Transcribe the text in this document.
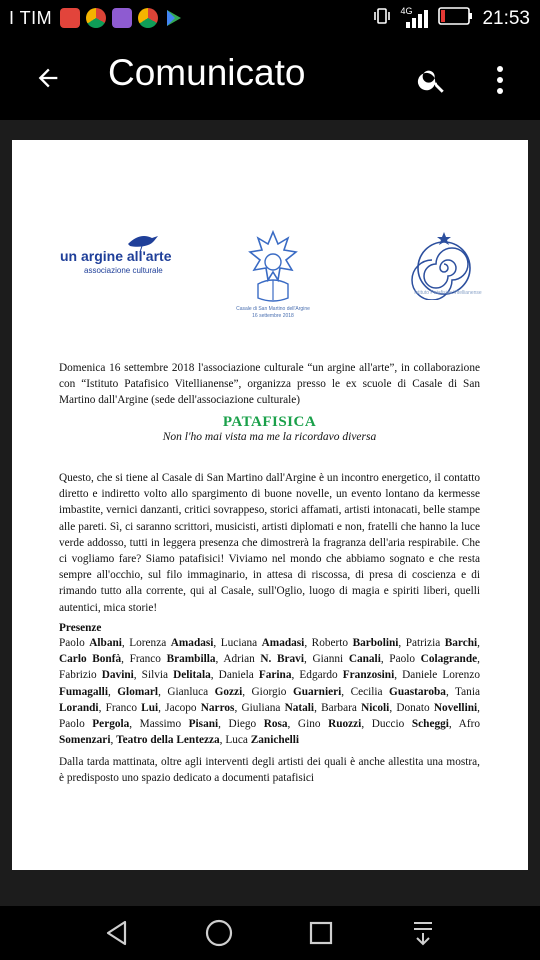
I TIM	4G	21:53
Comunicato
un argine all'arte
associazione culturale
Casale di San Martino dell'Argine
16 settembre 2018
Istituto Patafisico Vitellianense

Domenica 16 settembre 2018 l'associazione culturale “un argine all'arte”, in collaborazione con “Istituto Patafisico Vitellianense”, organizza presso le ex scuole di Casale di San Martino dall'Argine (sede dell'associazione culturale)

PATAFISICA
Non l'ho mai vista ma me la ricordavo diversa

Questo, che si tiene al Casale di San Martino dall'Argine è un incontro energetico, il contatto diretto e indiretto volto allo spargimento di buone novelle, un evento lontano da kermesse imbastite, vernici danzanti, critici sovrappeso, storici affamati, artisti intonacati, belle stampe alle pareti. Sì, ci saranno scrittori, musicisti, artisti diplomati e non, fratelli che hanno la luce verde addosso, tutti in leggera presenza che dimostrerà la fragranza dell'aria respirabile. Che ci vogliamo fare? Siamo patafisici! Viviamo nel mondo che abbiamo sognato e che resta sempre all'occhio, sul filo immaginario, in attesa di riscossa, di presa di coscienza e di rimando tutto alla corrente, qui al Casale, sull'Oglio, luogo di magia e spiriti liberi, quelli autentici, mica storie!

Presenze

Paolo Albani, Lorenza Amadasi, Luciana Amadasi, Roberto Barbolini, Patrizia Barchi, Carlo Bonfà, Franco Brambilla, Adrian N. Bravi, Gianni Canali, Paolo Colagrande, Fabrizio Davini, Silvia Delitala, Daniela Farina, Edgardo Franzosini, Daniele Lorenzo Fumagalli, Glomarl, Gianluca Gozzi, Giorgio Guarnieri, Cecilia Guastaroba, Tania Lorandi, Franco Lui, Jacopo Narros, Giuliana Natali, Barbara Nicoli, Donato Novellini, Paolo Pergola, Massimo Pisani, Diego Rosa, Gino Ruozzi, Duccio Scheggi, Afro Somenzari, Teatro della Lentezza, Luca Zanichelli

Dalla tarda mattinata, oltre agli interventi degli artisti dei quali è anche allestita una mostra, è predisposto uno spazio dedicato a documenti patafisici
